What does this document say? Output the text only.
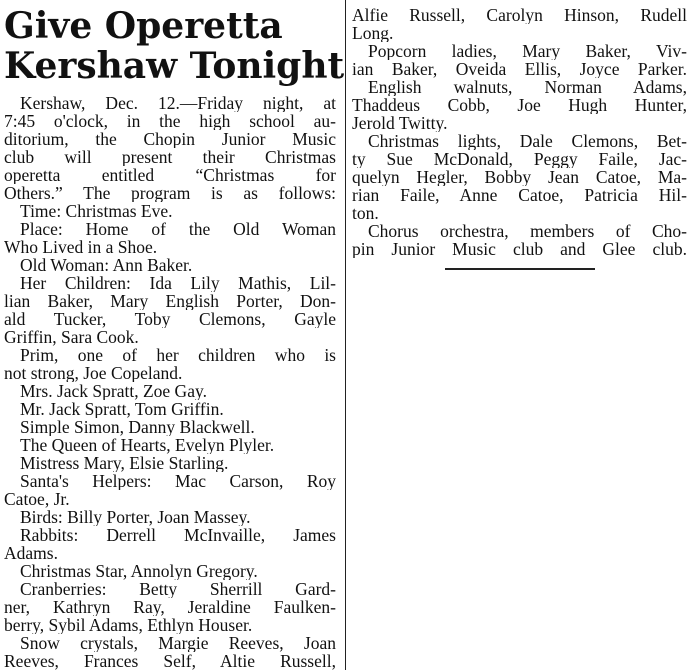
Give Operetta
Kershaw Tonight
Kershaw, Dec. 12.—Friday night, at
7:45 o'clock, in the high school au-
ditorium, the Chopin Junior Music
club will present their Christmas
operetta entitled “Christmas for
Others.” The program is as follows:
Time: Christmas Eve.
Place: Home of the Old Woman
Who Lived in a Shoe.
Old Woman: Ann Baker.
Her Children: Ida Lily Mathis, Lil-
lian Baker, Mary English Porter, Don-
ald Tucker, Toby Clemons, Gayle
Griffin, Sara Cook.
Prim, one of her children who is
not strong, Joe Copeland.
Mrs. Jack Spratt, Zoe Gay.
Mr. Jack Spratt, Tom Griffin.
Simple Simon, Danny Blackwell.
The Queen of Hearts, Evelyn Plyler.
Mistress Mary, Elsie Starling.
Santa's Helpers: Mac Carson, Roy
Catoe, Jr.
Birds: Billy Porter, Joan Massey.
Rabbits: Derrell McInvaille, James
Adams.
Christmas Star, Annolyn Gregory.
Cranberries: Betty Sherrill Gard-
ner, Kathryn Ray, Jeraldine Faulken-
berry, Sybil Adams, Ethlyn Houser.
Snow crystals, Margie Reeves, Joan
Reeves, Frances Self, Altie Russell,
Alfie Russell, Carolyn Hinson, Rudell
Long.
Popcorn ladies, Mary Baker, Viv-
ian Baker, Oveida Ellis, Joyce Parker.
English walnuts, Norman Adams,
Thaddeus Cobb, Joe Hugh Hunter,
Jerold Twitty.
Christmas lights, Dale Clemons, Bet-
ty Sue McDonald, Peggy Faile, Jac-
quelyn Hegler, Bobby Jean Catoe, Ma-
rian Faile, Anne Catoe, Patricia Hil-
ton.
Chorus orchestra, members of Cho-
pin Junior Music club and Glee club.
